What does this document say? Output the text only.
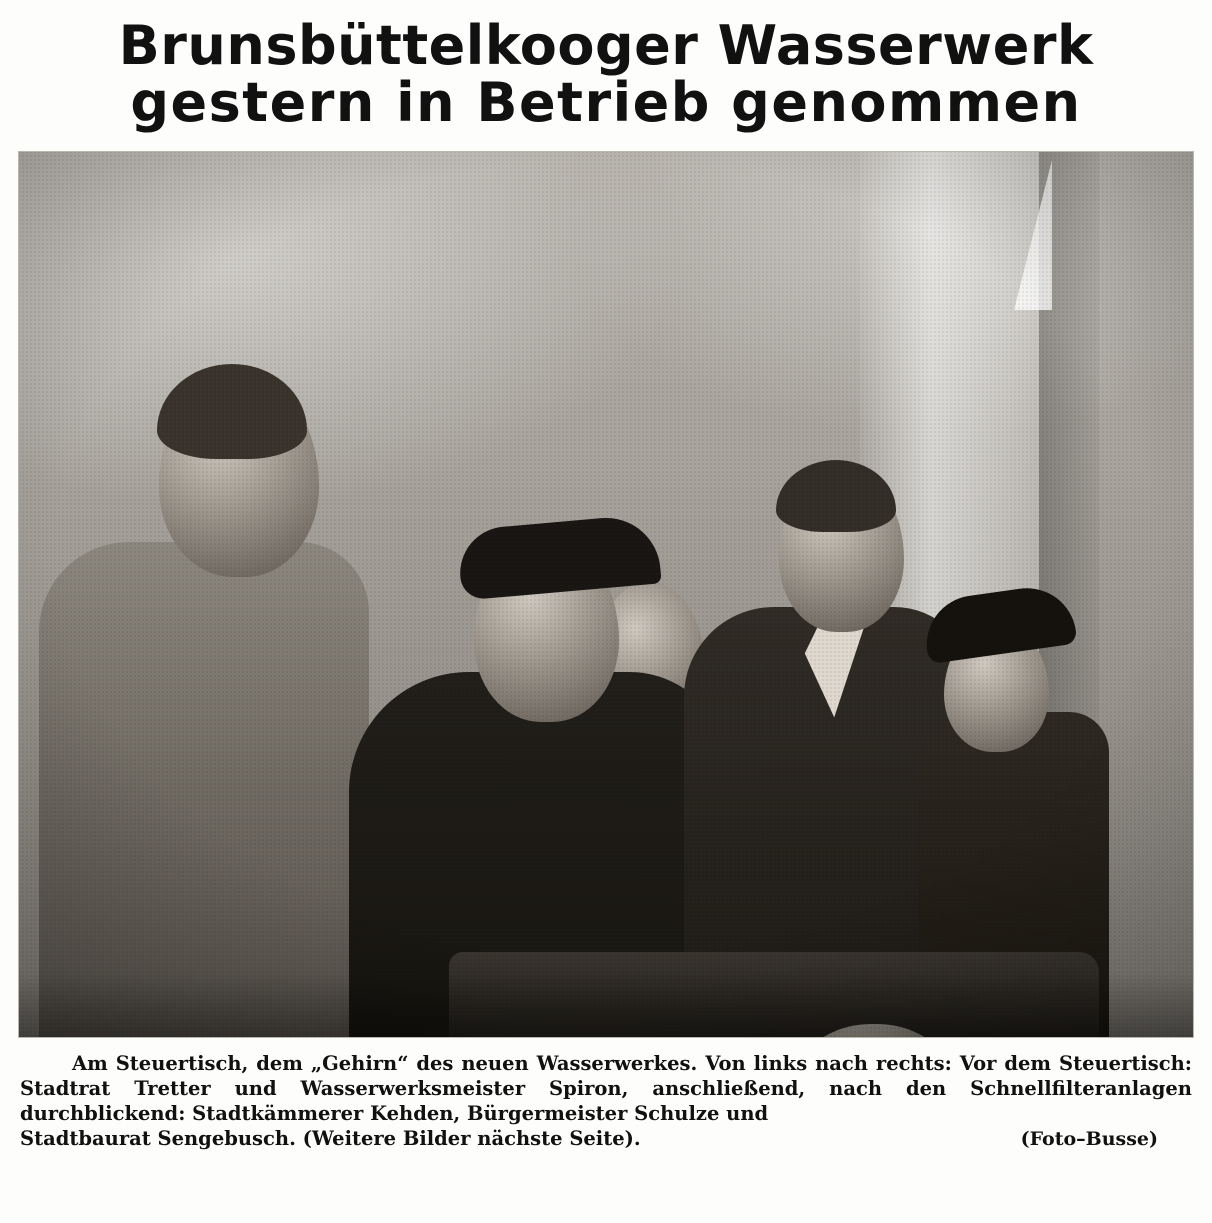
Brunsbüttelkooger Wasserwerk
gestern in Betrieb genommen
Am Steuertisch, dem „Gehirn“ des neuen Wasserwerkes. Von links nach rechts: Vor dem Steuertisch: Stadtrat Tretter und Wasserwerksmeister Spiron, anschließend, nach den Schnellfilteranlagen durchblickend: Stadtkämmerer Kehden, Bürgermeister Schulze und
Stadtbaurat Sengebusch. (Weitere Bilder nächste Seite).	(Foto–Busse)
